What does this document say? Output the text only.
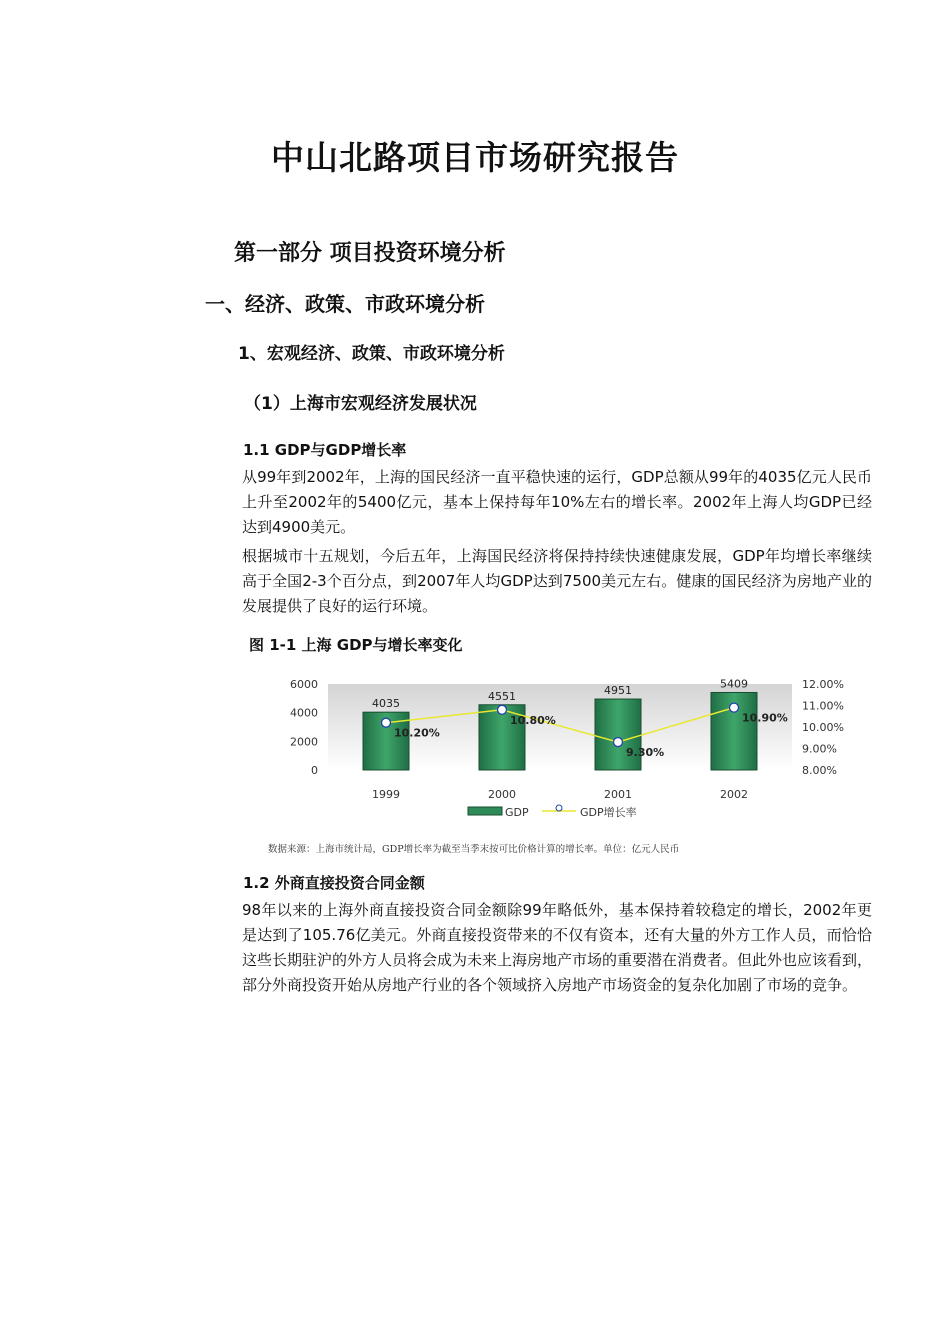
中山北路项目市场研究报告
第一部分 项目投资环境分析
一、经济、政策、市政环境分析
1、宏观经济、政策、市政环境分析
（1）上海市宏观经济发展状况
1.1 GDP与GDP增长率
从99年到2002年，上海的国民经济一直平稳快速的运行，GDP总额从99年的4035亿元人民币上升至2002年的5400亿元，基本上保持每年10%左右的增长率。2002年上海人均GDP已经达到4900美元。
根据城市十五规划，今后五年，上海国民经济将保持持续快速健康发展，GDP年均增长率继续高于全国2-3个百分点，到2007年人均GDP达到7500美元左右。健康的国民经济为房地产业的发展提供了良好的运行环境。
图 1-1 上海 GDP与增长率变化
6000
4000
2000
0
12.00%
11.00%
10.00%
9.00%
8.00%
4035
4551	4951
5409
10.20%
10.80%
9.30%
10.90%
1999	2000	2001	2002
GDP	GDP增长率
数据来源：上海市统计局，GDP增长率为截至当季末按可比价格计算的增长率。单位：亿元人民币
1.2 外商直接投资合同金额
98年以来的上海外商直接投资合同金额除99年略低外，基本保持着较稳定的增长，2002年更是达到了105.76亿美元。外商直接投资带来的不仅有资本，还有大量的外方工作人员，而恰恰这些长期驻沪的外方人员将会成为未来上海房地产市场的重要潜在消费者。但此外也应该看到，部分外商投资开始从房地产行业的各个领域挤入房地产市场资金的复杂化加剧了市场的竞争。
